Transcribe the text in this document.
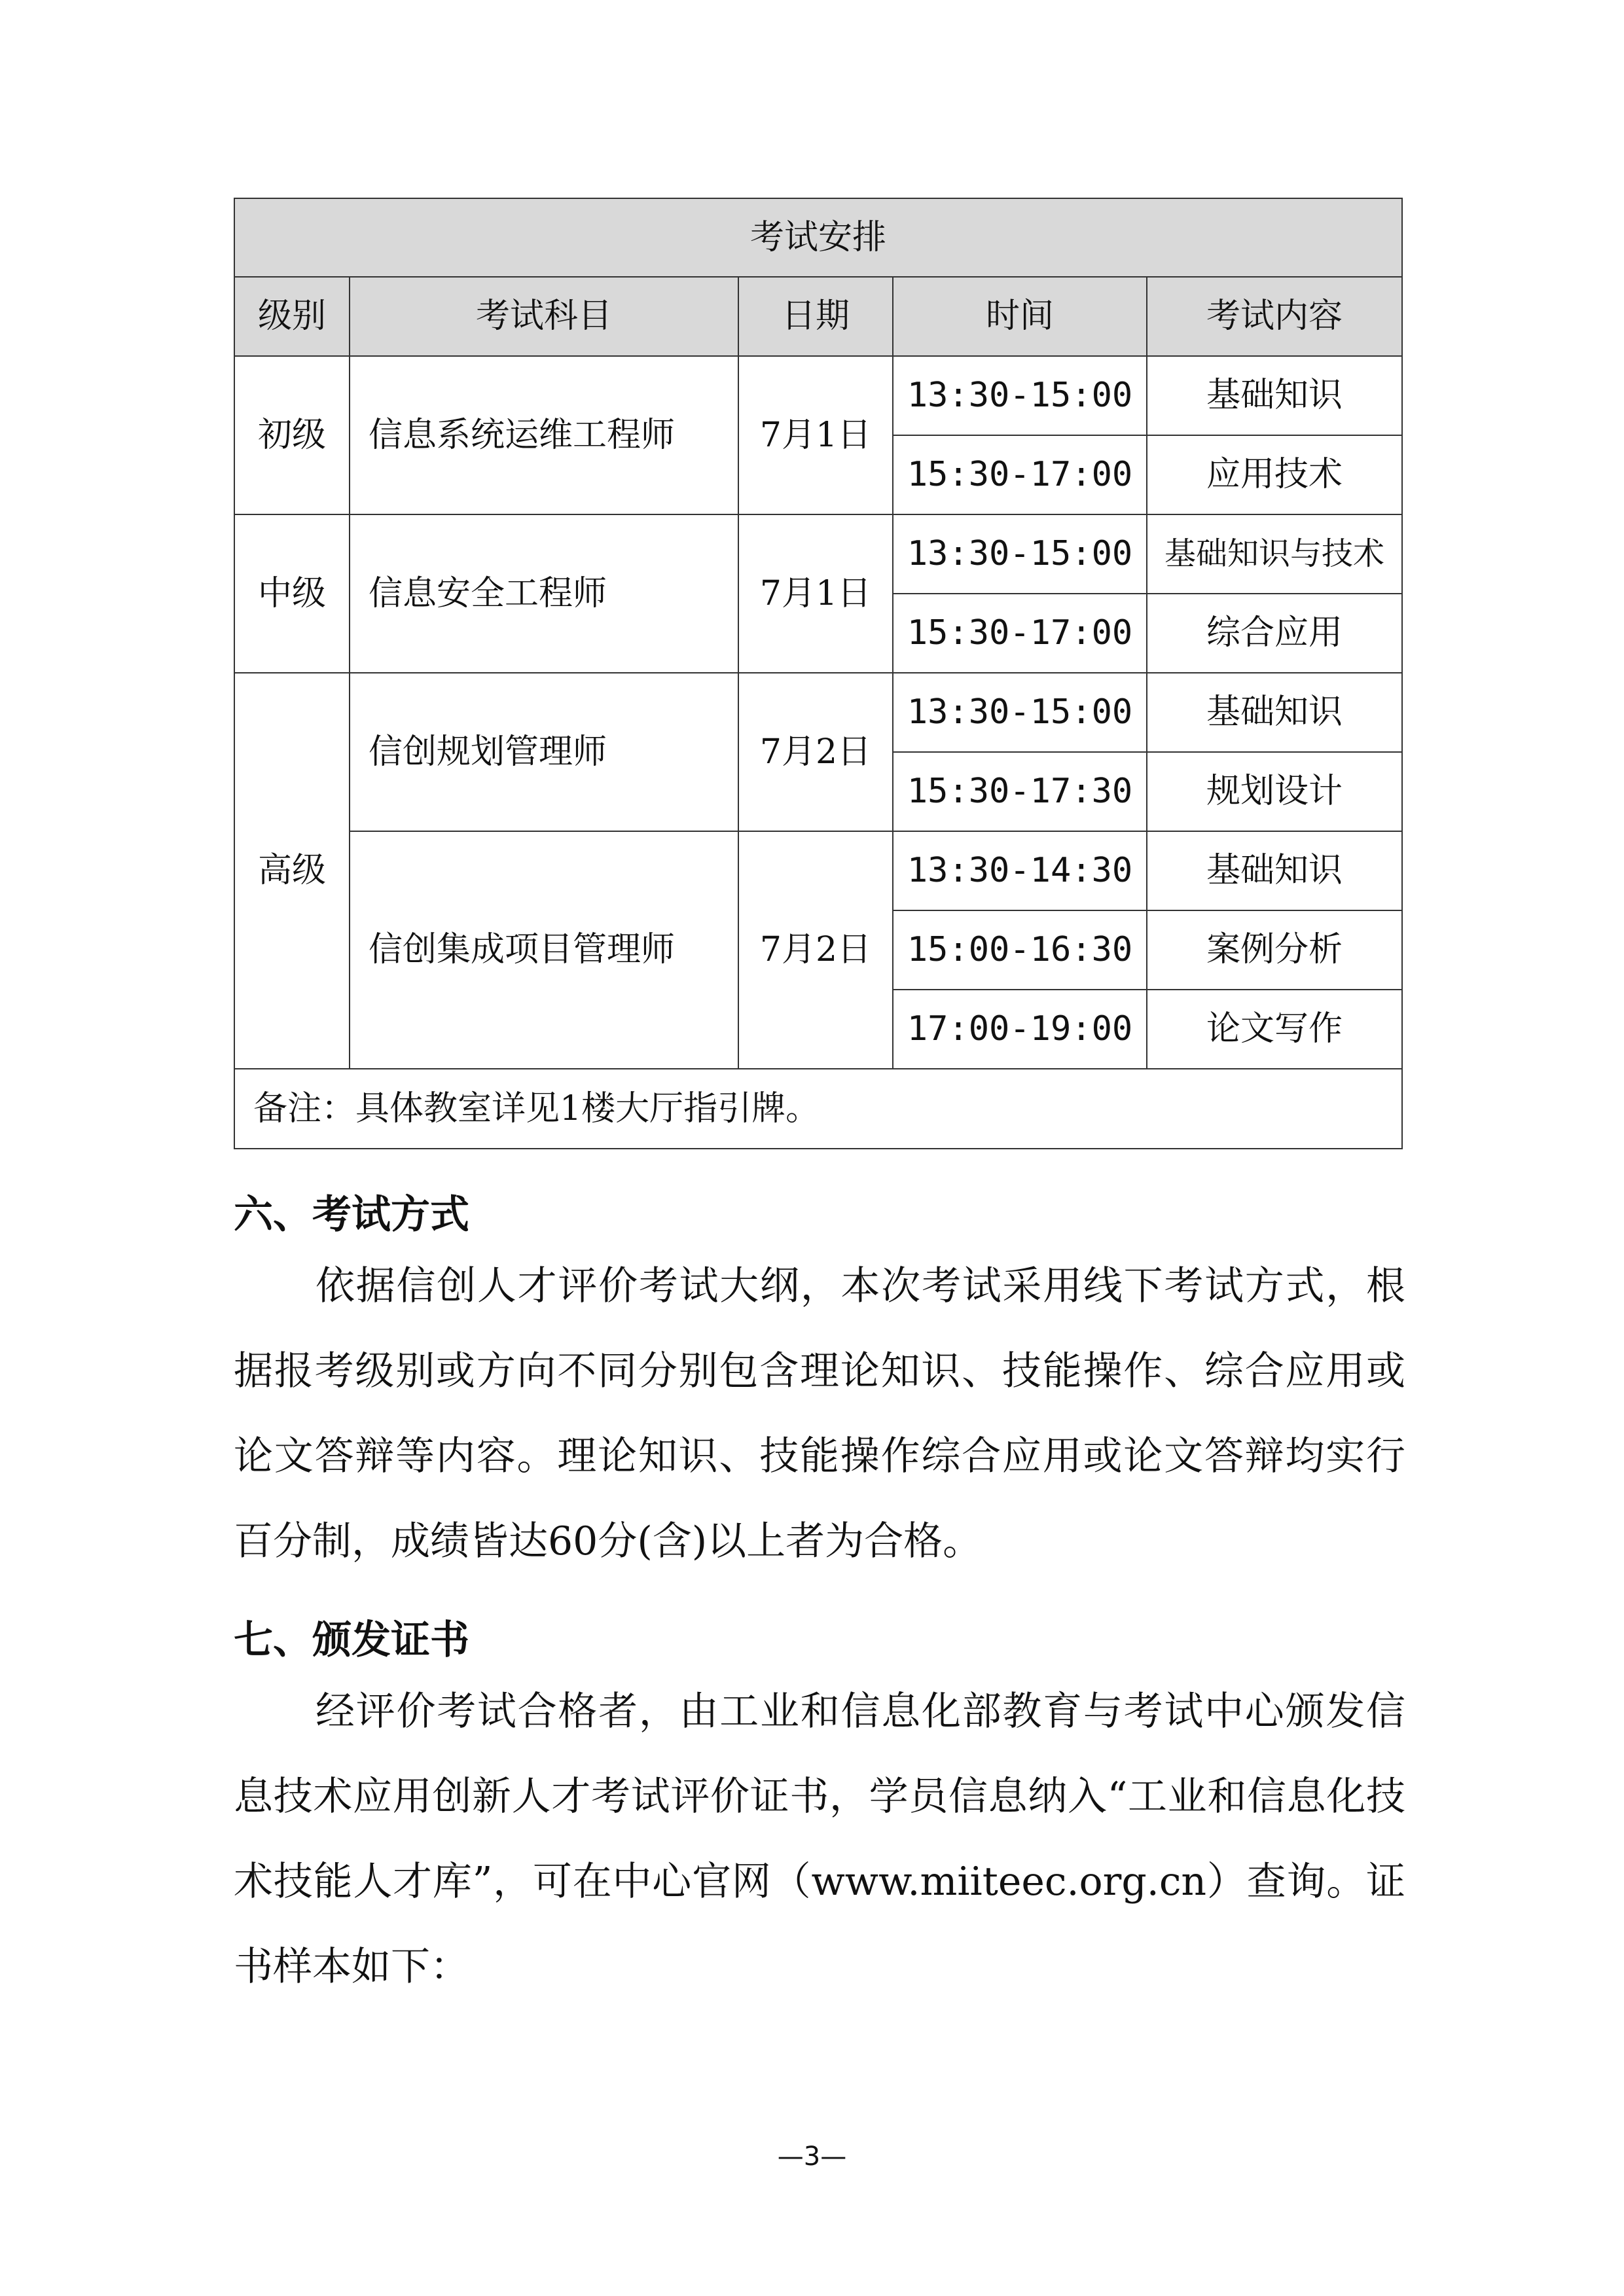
考试安排				
级别	考试科目	日期	时间	考试内容
初级	信息系统运维工程师	7月1日	13:30-15:00	基础知识
			15:30-17:00	应用技术
中级	信息安全工程师	7月1日	13:30-15:00	基础知识与技术
			15:30-17:00	综合应用
高级	信创规划管理师	7月2日	13:30-15:00	基础知识
			15:30-17:30	规划设计
	信创集成项目管理师	7月2日	13:30-14:30	基础知识
			15:00-16:30	案例分析
			17:00-19:00	论文写作
备注：具体教室详见1楼大厅指引牌。				
六、考试方式

依据信创人才评价考试大纲，本次考试采用线下考试方式，根据报考级别或方向不同分别包含理论知识、技能操作、综合应用或论文答辩等内容。理论知识、技能操作综合应用或论文答辩均实行百分制，成绩皆达60分(含)以上者为合格。

七、颁发证书

经评价考试合格者，由工业和信息化部教育与考试中心颁发信息技术应用创新人才考试评价证书，学员信息纳入“工业和信息化技术技能人才库”，可在中心官网（www.miiteec.org.cn）查询。证书样本如下：

—3—
